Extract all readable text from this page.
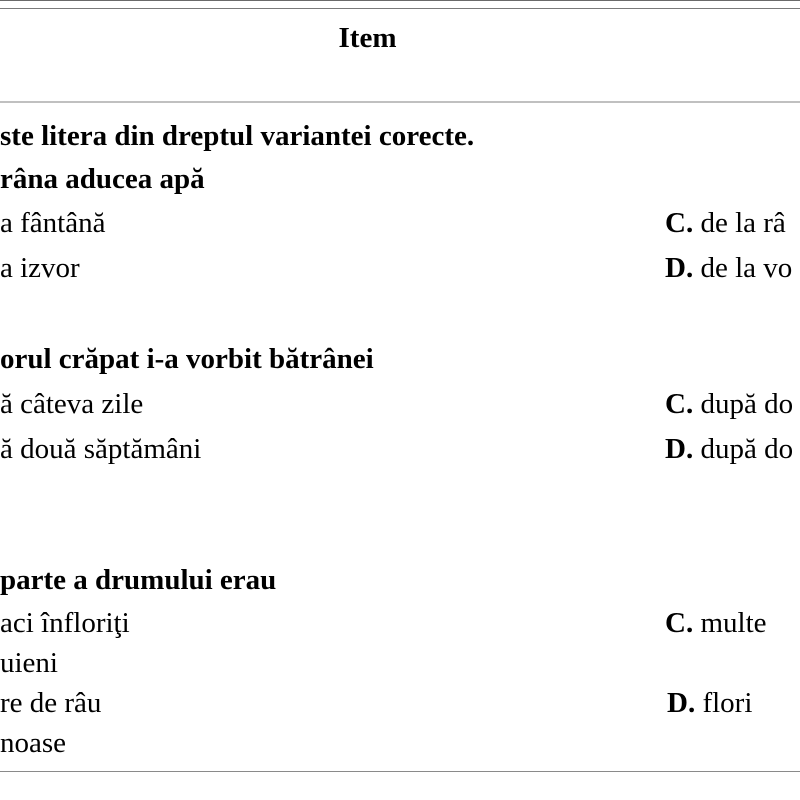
Item
ste litera din dreptul variantei corecte.
râna aducea apă
a fântână	C. de la râ
a izvor	D. de la vo
orul crăpat i-a vorbit bătrânei
ă câteva zile	C. după do
ă două săptămâni	D. după do
parte a drumului erau
aci înfloriţi	C. multe
uieni
re de râu	D. flori
noase
